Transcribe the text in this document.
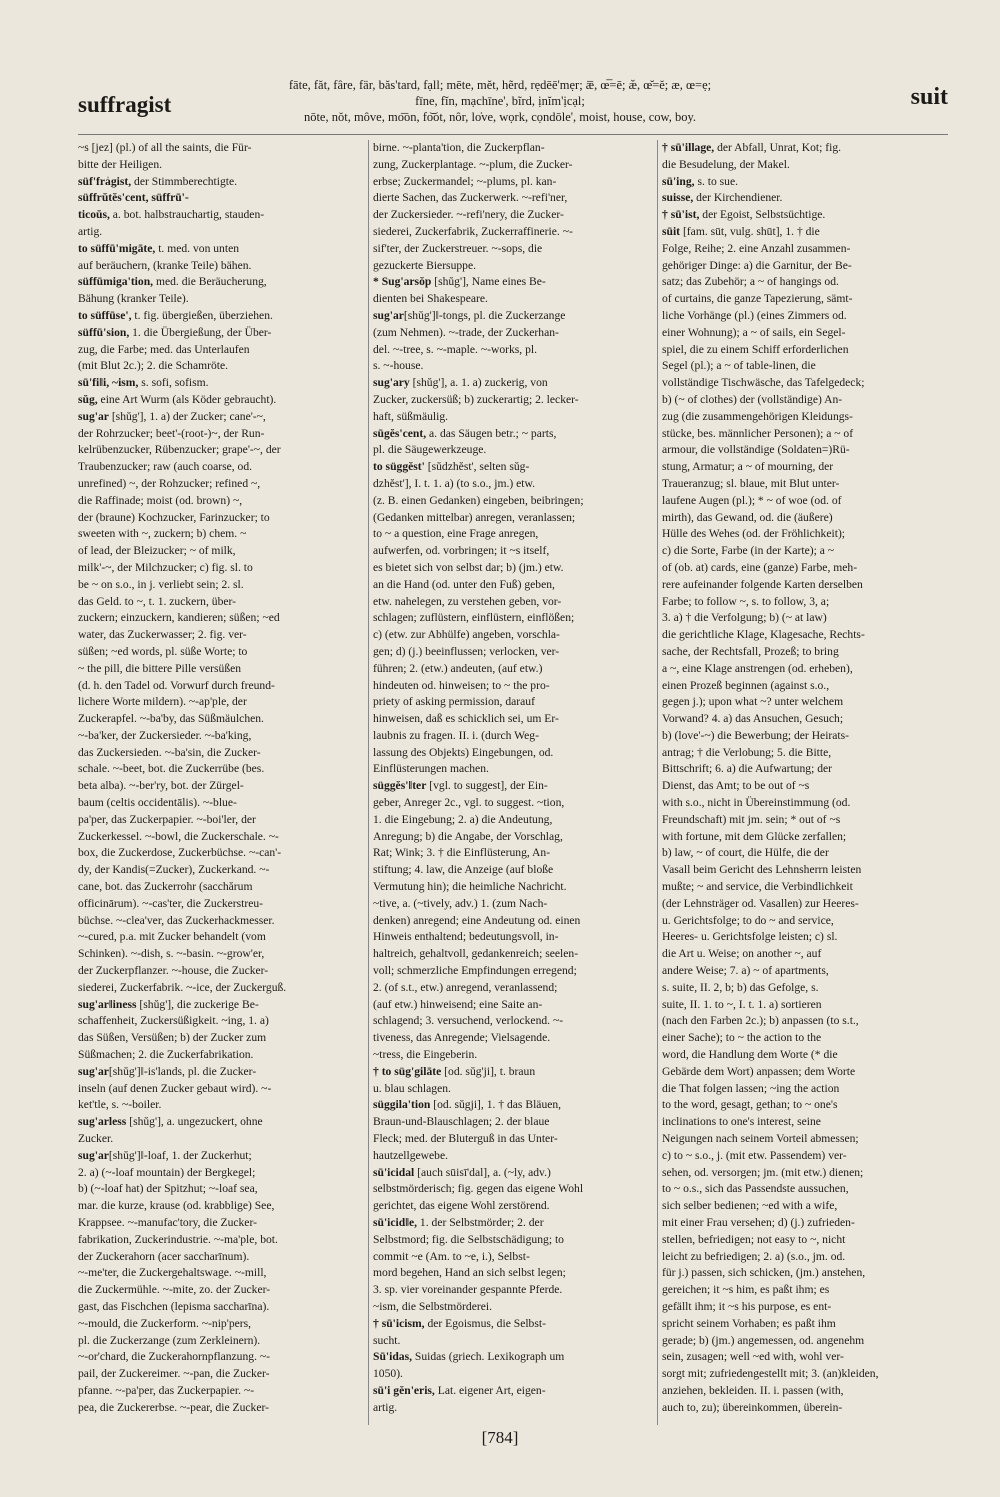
suffragist
fāte, făt, fâre, fär, băs'tard, fạll; mēte, mĕt, hẽrd, rẹdēē'mẹr; æ̅, œ̅=ē; æ̆, œ̆=ĕ; æ, œ=ẹ;
fīne, fĭn, mạchīne', bĩrd, ịnĭm'ịcạl;
nōte, nŏt, môve, mo͞on, fo͝ot, nôr, lo̍ve, wọrk, cọndōle', moist, house, cow, boy.
suit

~s [jez] (pl.) of all the saints, die Für-

bitte der Heiligen.

süf'fra̍gist, der Stimmberechtigte.

süffrŭtĕs'cent, süffrū'-

ticoŭs, a. bot. halbstrauchartig, stauden-

artig.

to süffū'migāte, t. med. von unten

auf beräuchern, (kranke Teile) bähen.

süffūmiga'tion, med. die Beräucherung,

Bähung (kranker Teile).

to süffūse', t. fig. übergießen, überziehen.

süffū'sion, 1. die Übergießung, der Über-

zug, die Farbe; med. das Unterlaufen

(mit Blut 2c.); 2. die Schamröte.

sū'fi‖i, ~ism, s. sofi, sofism.

sŭg, eine Art Wurm (als Köder gebraucht).

sug'ar [shŭg'], 1. a) der Zucker; cane'-~,

der Rohrzucker; beet'-(root-)~, der Run-

kelrübenzucker, Rübenzucker; grape'-~, der

Traubenzucker; raw (auch coarse, od.

unrefined) ~, der Rohzucker; refined ~,

die Raffinade; moist (od. brown) ~,

der (braune) Kochzucker, Farinzucker; to

sweeten with ~, zuckern; b) chem. ~

of lead, der Bleizucker; ~ of milk,

milk'-~, der Milchzucker; c) fig. sl. to

be ~ on s.o., in j. verliebt sein; 2. sl.

das Geld. to ~, t. 1. zuckern, über-

zuckern; einzuckern, kandieren; süßen; ~ed

water, das Zuckerwasser; 2. fig. ver-

süßen; ~ed words, pl. süße Worte; to

~ the pill, die bittere Pille versüßen

(d. h. den Tadel od. Vorwurf durch freund-

lichere Worte mildern). ~-ap'ple, der

Zuckerapfel. ~-ba'by, das Süßmäulchen.

~-ba'ker, der Zuckersieder. ~-ba'king,

das Zuckersieden. ~-ba'sin, die Zucker-

schale. ~-beet, bot. die Zuckerrübe (bes.

beta alba). ~-ber'ry, bot. der Zürgel-

baum (celtis occidentālis). ~-blue-

pa'per, das Zuckerpapier. ~-boi'ler, der

Zuckerkessel. ~-bowl, die Zuckerschale. ~-

box, die Zuckerdose, Zuckerbüchse. ~-can'-

dy, der Kandis(=Zucker), Zuckerkand. ~-

cane, bot. das Zuckerrohr (sacchărum

officinārum). ~-cas'ter, die Zuckerstreu-

büchse. ~-clea'ver, das Zuckerhackmesser.

~-cured, p.a. mit Zucker behandelt (vom

Schinken). ~-dish, s. ~-basin. ~-grow'er,

der Zuckerpflanzer. ~-house, die Zucker-

siederei, Zuckerfabrik. ~-ice, der Zuckerguß.

sug'ar‖iness [shŭg'], die zuckerige Be-

schaffenheit, Zuckersüßigkeit. ~ing, 1. a)

das Süßen, Versüßen; b) der Zucker zum

Süßmachen; 2. die Zuckerfabrikation.

sug'ar[shŭg']‖-is'lands, pl. die Zucker-

inseln (auf denen Zucker gebaut wird). ~-

ket'tle, s. ~-boiler.

sug'arless [shŭg'], a. ungezuckert, ohne

Zucker.

sug'ar[shŭg']‖-loaf, 1. der Zuckerhut;

2. a) (~-loaf mountain) der Bergkegel;

b) (~-loaf hat) der Spitzhut; ~-loaf sea,

mar. die kurze, krause (od. krabblige) See,

Krappsee. ~-manufac'tory, die Zucker-

fabrikation, Zuckerindustrie. ~-ma'ple, bot.

der Zuckerahorn (acer saccharīnum).

~-me'ter, die Zuckergehaltswage. ~-mill,

die Zuckermühle. ~-mite, zo. der Zucker-

gast, das Fischchen (lepisma saccharīna).

~-mould, die Zuckerform. ~-nip'pers,

pl. die Zuckerzange (zum Zerkleinern).

~-or'chard, die Zuckerahornpflanzung. ~-

pail, der Zuckereimer. ~-pan, die Zucker-

pfanne. ~-pa'per, das Zuckerpapier. ~-

pea, die Zuckererbse. ~-pear, die Zucker-

birne. ~-planta'tion, die Zuckerpflan-

zung, Zuckerplantage. ~-plum, die Zucker-

erbse; Zuckermandel; ~-plums, pl. kan-

dierte Sachen, das Zuckerwerk. ~-refi'ner,

der Zuckersieder. ~-refi'nery, die Zucker-

siederei, Zuckerfabrik, Zuckerraffinerie. ~-

sif'ter, der Zuckerstreuer. ~-sops, die

gezuckerte Biersuppe.

* Sug'arsŏp [shŭg'], Name eines Be-

dienten bei Shakespeare.

sug'ar[shŭg']‖-tongs, pl. die Zuckerzange

(zum Nehmen). ~-trade, der Zuckerhan-

del. ~-tree, s. ~-maple. ~-works, pl.

s. ~-house.

sug'ary [shŭg'], a. 1. a) zuckerig, von

Zucker, zuckersüß; b) zuckerartig; 2. lecker-

haft, süßmäulig.

sūgĕs'cent, a. das Säugen betr.; ~ parts,

pl. die Säugewerkzeuge.

to süggĕst' [sŭdzhĕst', selten sŭg-

dzhĕst'], I. t. 1. a) (to s.o., jm.) etw.

(z. B. einen Gedanken) eingeben, beibringen;

(Gedanken mittelbar) anregen, veranlassen;

to ~ a question, eine Frage anregen,

aufwerfen, od. vorbringen; it ~s itself,

es bietet sich von selbst dar; b) (jm.) etw.

an die Hand (od. unter den Fuß) geben,

etw. nahelegen, zu verstehen geben, vor-

schlagen; zuflüstern, einflüstern, einflößen;

c) (etw. zur Abhülfe) angeben, vorschla-

gen; d) (j.) beeinflussen; verlocken, ver-

führen; 2. (etw.) andeuten, (auf etw.)

hindeuten od. hinweisen; to ~ the pro-

priety of asking permission, darauf

hinweisen, daß es schicklich sei, um Er-

laubnis zu fragen. II. i. (durch Weg-

lassung des Objekts) Eingebungen, od.

Einflüsterungen machen.

süggĕs'‖ter [vgl. to suggest], der Ein-

geber, Anreger 2c., vgl. to suggest. ~tion,

1. die Eingebung; 2. a) die Andeutung,

Anregung; b) die Angabe, der Vorschlag,

Rat; Wink; 3. † die Einflüsterung, An-

stiftung; 4. law, die Anzeige (auf bloße

Vermutung hin); die heimliche Nachricht.

~tive, a. (~tively, adv.) 1. (zum Nach-

denken) anregend; eine Andeutung od. einen

Hinweis enthaltend; bedeutungsvoll, in-

haltreich, gehaltvoll, gedankenreich; seelen-

voll; schmerzliche Empfindungen erregend;

2. (of s.t., etw.) anregend, veranlassend;

(auf etw.) hinweisend; eine Saite an-

schlagend; 3. versuchend, verlockend. ~-

tiveness, das Anregende; Vielsagende.

~tress, die Eingeberin.

† to süg'gilāte [od. sŭg'ji], t. braun

u. blau schlagen.

süggila'tion [od. sŭgji], 1. † das Bläuen,

Braun-und-Blauschlagen; 2. der blaue

Fleck; med. der Bluterguß in das Unter-

hautzellgewebe.

sū'icidal [auch sūisī'dal], a. (~ly, adv.)

selbstmörderisch; fig. gegen das eigene Wohl

gerichtet, das eigene Wohl zerstörend.

sū'icid‖e, 1. der Selbstmörder; 2. der

Selbstmord; fig. die Selbstschädigung; to

commit ~e (Am. to ~e, i.), Selbst-

mord begehen, Hand an sich selbst legen;

3. sp. vier voreinander gespannte Pferde.

~ism, die Selbstmörderei.

† sū'icism, der Egoismus, die Selbst-

sucht.

Sū'idas, Suidas (griech. Lexikograph um

1050).

sū'i gĕn'eris, Lat. eigener Art, eigen-

artig.

† sū'illage, der Abfall, Unrat, Kot; fig.

die Besudelung, der Makel.

sū'ing, s. to sue.

suisse, der Kirchendiener.

† sū'ist, der Egoist, Selbstsüchtige.

sūit [fam. sūt, vulg. shūt], 1. † die

Folge, Reihe; 2. eine Anzahl zusammen-

gehöriger Dinge: a) die Garnitur, der Be-

satz; das Zubehör; a ~ of hangings od.

of curtains, die ganze Tapezierung, sämt-

liche Vorhänge (pl.) (eines Zimmers od.

einer Wohnung); a ~ of sails, ein Segel-

spiel, die zu einem Schiff erforderlichen

Segel (pl.); a ~ of table-linen, die

vollständige Tischwäsche, das Tafelgedeck;

b) (~ of clothes) der (vollständige) An-

zug (die zusammengehörigen Kleidungs-

stücke, bes. männlicher Personen); a ~ of

armour, die vollständige (Soldaten=)Rü-

stung, Armatur; a ~ of mourning, der

Traueranzug; sl. blaue, mit Blut unter-

laufene Augen (pl.); * ~ of woe (od. of

mirth), das Gewand, od. die (äußere)

Hülle des Wehes (od. der Fröhlichkeit);

c) die Sorte, Farbe (in der Karte); a ~

of (ob. at) cards, eine (ganze) Farbe, meh-

rere aufeinander folgende Karten derselben

Farbe; to follow ~, s. to follow, 3, a;

3. a) † die Verfolgung; b) (~ at law)

die gerichtliche Klage, Klagesache, Rechts-

sache, der Rechtsfall, Prozeß; to bring

a ~, eine Klage anstrengen (od. erheben),

einen Prozeß beginnen (against s.o.,

gegen j.); upon what ~? unter welchem

Vorwand? 4. a) das Ansuchen, Gesuch;

b) (love'-~) die Bewerbung; der Heirats-

antrag; † die Verlobung; 5. die Bitte,

Bittschrift; 6. a) die Aufwartung; der

Dienst, das Amt; to be out of ~s

with s.o., nicht in Übereinstimmung (od.

Freundschaft) mit jm. sein; * out of ~s

with fortune, mit dem Glücke zerfallen;

b) law, ~ of court, die Hülfe, die der

Vasall beim Gericht des Lehnsherrn leisten

mußte; ~ and service, die Verbindlichkeit

(der Lehnsträger od. Vasallen) zur Heeres-

u. Gerichtsfolge; to do ~ and service,

Heeres- u. Gerichtsfolge leisten; c) sl.

die Art u. Weise; on another ~, auf

andere Weise; 7. a) ~ of apartments,

s. suite, II. 2, b; b) das Gefolge, s.

suite, II. 1. to ~, I. t. 1. a) sortieren

(nach den Farben 2c.); b) anpassen (to s.t.,

einer Sache); to ~ the action to the

word, die Handlung dem Worte (* die

Gebärde dem Wort) anpassen; dem Worte

die That folgen lassen; ~ing the action

to the word, gesagt, gethan; to ~ one's

inclinations to one's interest, seine

Neigungen nach seinem Vorteil abmessen;

c) to ~ s.o., j. (mit etw. Passendem) ver-

sehen, od. versorgen; jm. (mit etw.) dienen;

to ~ o.s., sich das Passendste aussuchen,

sich selber bedienen; ~ed with a wife,

mit einer Frau versehen; d) (j.) zufrieden-

stellen, befriedigen; not easy to ~, nicht

leicht zu befriedigen; 2. a) (s.o., jm. od.

für j.) passen, sich schicken, (jm.) anstehen,

gereichen; it ~s him, es paßt ihm; es

gefällt ihm; it ~s his purpose, es ent-

spricht seinem Vorhaben; es paßt ihm

gerade; b) (jm.) angemessen, od. angenehm

sein, zusagen; well ~ed with, wohl ver-

sorgt mit; zufriedengestellt mit; 3. (an)kleiden,

anziehen, bekleiden. II. i. passen (with,

auch to, zu); übereinkommen, überein-

[784]
